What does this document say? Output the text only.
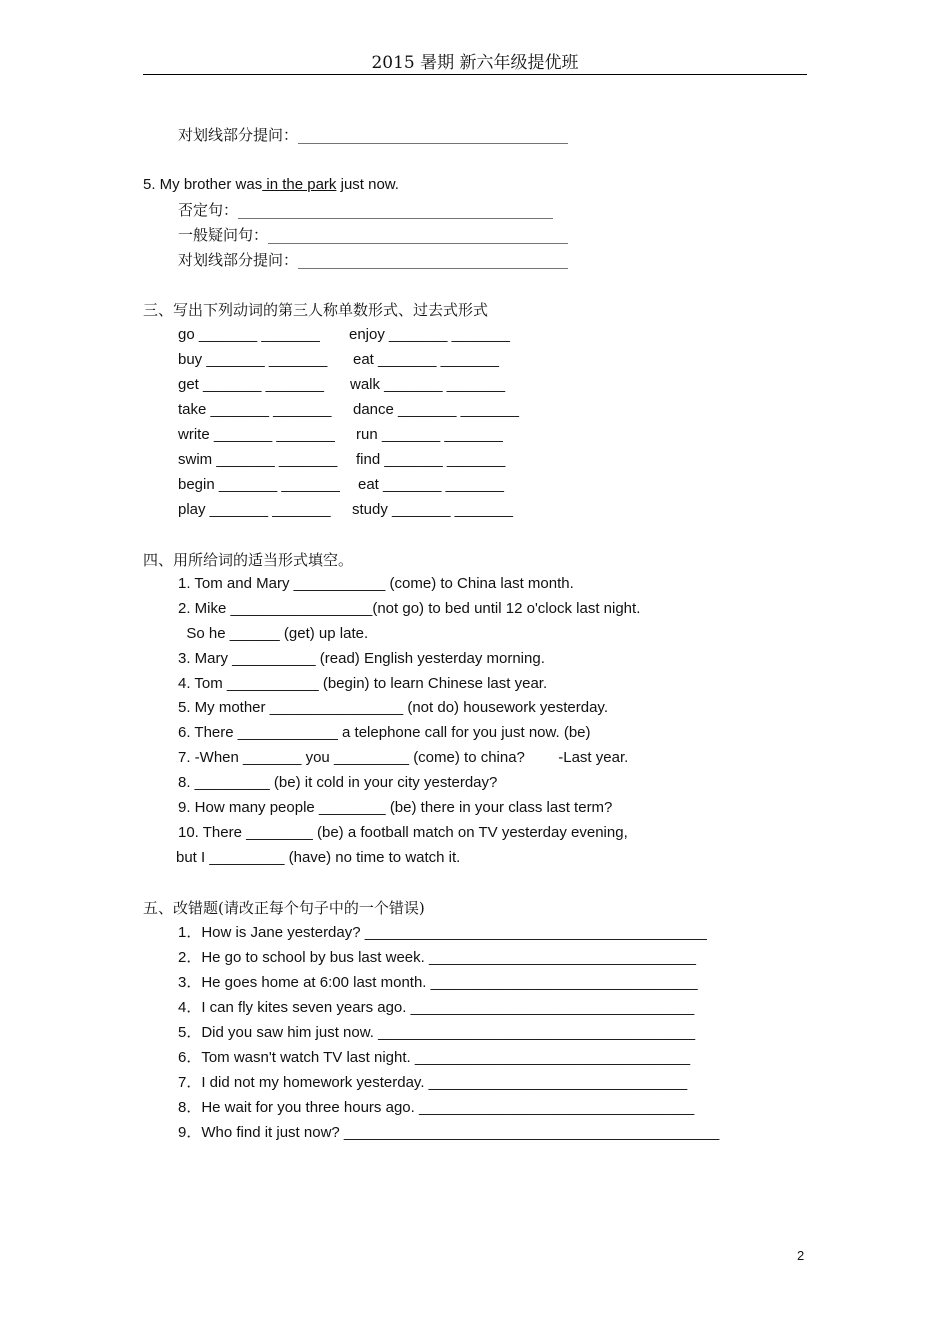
2015 暑期 新六年级提优班
对划线部分提问：____________________________________
5. My brother was in the park just now.
否定句：__________________________________________
一般疑问句：________________________________________
对划线部分提问：____________________________________
三、写出下列动词的第三人称单数形式、过去式形式
go _______ _______
buy _______ _______
get _______ _______
take _______ _______
write _______ _______
swim _______ _______
begin _______ _______
play _______ _______
enjoy _______ _______
eat _______ _______
walk _______ _______
dance _______ _______
run _______ _______
find _______ _______
eat _______ _______
study _______ _______
四、用所给词的适当形式填空。
1. Tom and Mary ___________ (come) to China last month.
2. Mike _________________(not go) to bed until 12 o'clock last night.
So he ______ (get) up late.
3. Mary __________ (read) English yesterday morning.
4. Tom ___________ (begin) to learn Chinese last year.
5. My mother ________________ (not do) housework yesterday.
6. There ____________ a telephone call for you just now. (be)
7. -When _______ you _________ (come) to china?        -Last year.
8. _________ (be) it cold in your city yesterday?
9. How many people ________ (be) there in your class last term?
10. There ________ (be) a football match on TV yesterday evening,
but I _________ (have) no time to watch it.
五、改错题(请改正每个句子中的一个错误)
1．How is Jane yesterday? _________________________________________
2．He go to school by bus last week. ________________________________
3．He goes home at 6:00 last month. ________________________________
4．I can fly kites seven years ago. __________________________________
5．Did you saw him just now. ______________________________________
6．Tom wasn't watch TV last night. _________________________________
7．I did not my homework yesterday. _______________________________
8．He wait for you three hours ago. _________________________________
9．Who find it just now? _____________________________________________
2
